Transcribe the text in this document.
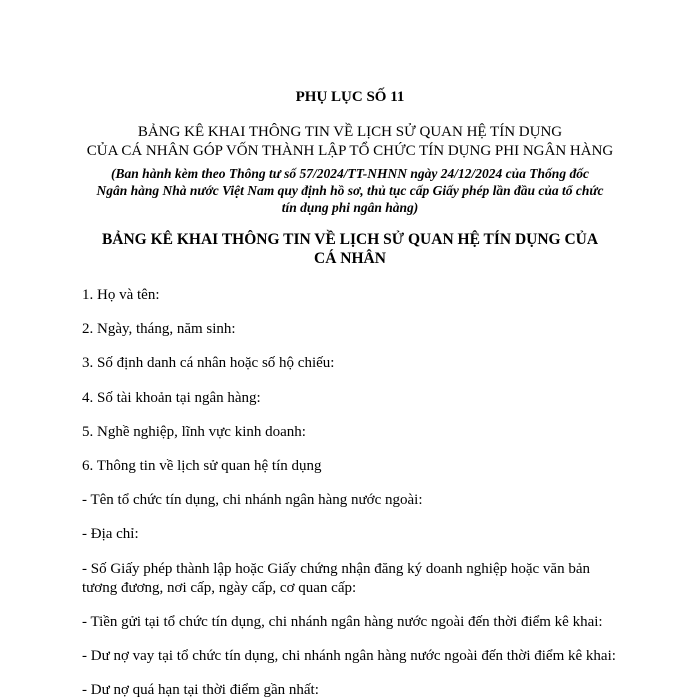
PHỤ LỤC SỐ 11
BẢNG KÊ KHAI THÔNG TIN VỀ LỊCH SỬ QUAN HỆ TÍN DỤNG
CỦA CÁ NHÂN GÓP VỐN THÀNH LẬP TỔ CHỨC TÍN DỤNG PHI NGÂN HÀNG
(Ban hành kèm theo Thông tư số 57/2024/TT-NHNN ngày 24/12/2024 của Thống đốc Ngân hàng Nhà nước Việt Nam quy định hồ sơ, thủ tục cấp Giấy phép lần đầu của tổ chức tín dụng phi ngân hàng)
BẢNG KÊ KHAI THÔNG TIN VỀ LỊCH SỬ QUAN HỆ TÍN DỤNG CỦA CÁ NHÂN
1. Họ và tên:
2. Ngày, tháng, năm sinh:
3. Số định danh cá nhân hoặc số hộ chiếu:
4. Số tài khoản tại ngân hàng:
5. Nghề nghiệp, lĩnh vực kinh doanh:
6. Thông tin về lịch sử quan hệ tín dụng
- Tên tổ chức tín dụng, chi nhánh ngân hàng nước ngoài:
- Địa chỉ:
- Số Giấy phép thành lập hoặc Giấy chứng nhận đăng ký doanh nghiệp hoặc văn bản tương đương, nơi cấp, ngày cấp, cơ quan cấp:
- Tiền gửi tại tổ chức tín dụng, chi nhánh ngân hàng nước ngoài đến thời điểm kê khai:
- Dư nợ vay tại tổ chức tín dụng, chi nhánh ngân hàng nước ngoài đến thời điểm kê khai:
- Dư nợ quá hạn tại thời điểm gần nhất:
